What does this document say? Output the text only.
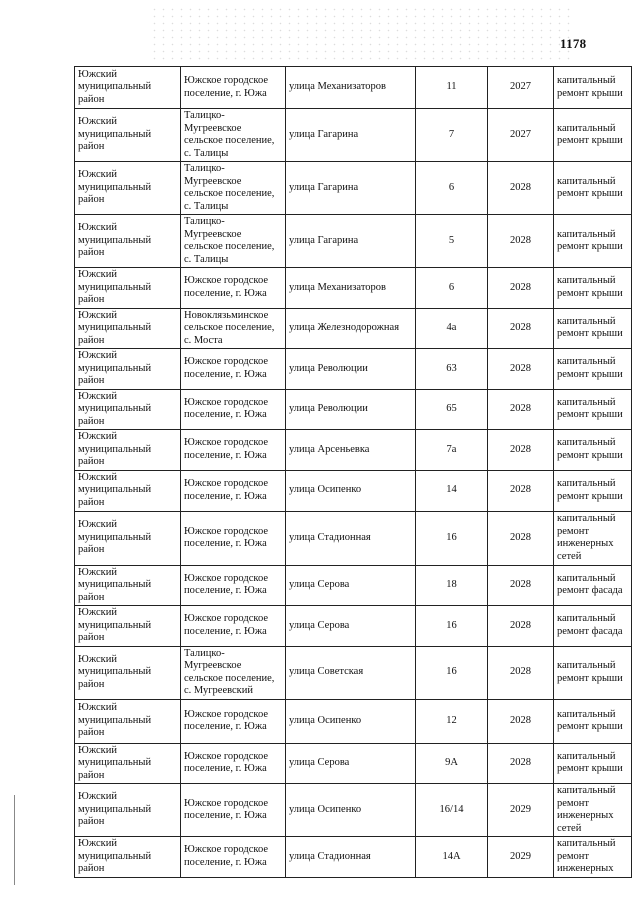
1178
Южский муниципальный район	Южское городское поселение, г. Южа	улица Механизаторов	11	2027	капитальный ремонт крыши
Южский муниципальный район	Талицко-Мугреевское сельское поселение, с. Талицы	улица Гагарина	7	2027	капитальный ремонт крыши
Южский муниципальный район	Талицко-Мугреевское сельское поселение, с. Талицы	улица Гагарина	6	2028	капитальный ремонт крыши
Южский муниципальный район	Талицко-Мугреевское сельское поселение, с. Талицы	улица Гагарина	5	2028	капитальный ремонт крыши
Южский муниципальный район	Южское городское поселение, г. Южа	улица Механизаторов	6	2028	капитальный ремонт крыши
Южский муниципальный район	Новоклязьминское сельское поселение, с. Моста	улица Железнодорожная	4а	2028	капитальный ремонт крыши
Южский муниципальный район	Южское городское поселение, г. Южа	улица Революции	63	2028	капитальный ремонт крыши
Южский муниципальный район	Южское городское поселение, г. Южа	улица Революции	65	2028	капитальный ремонт крыши
Южский муниципальный район	Южское городское поселение, г. Южа	улица Арсеньевка	7а	2028	капитальный ремонт крыши
Южский муниципальный район	Южское городское поселение, г. Южа	улица Осипенко	14	2028	капитальный ремонт крыши
Южский муниципальный район	Южское городское поселение, г. Южа	улица Стадионная	16	2028	капитальный ремонт инженерных сетей
Южский муниципальный район	Южское городское поселение, г. Южа	улица Серова	18	2028	капитальный ремонт фасада
Южский муниципальный район	Южское городское поселение, г. Южа	улица Серова	16	2028	капитальный ремонт фасада
Южский муниципальный район	Талицко-Мугреевское сельское поселение, с. Мугреевский	улица Советская	16	2028	капитальный ремонт крыши
Южский муниципальный район	Южское городское поселение, г. Южа	улица Осипенко	12	2028	капитальный ремонт крыши
Южский муниципальный район	Южское городское поселение, г. Южа	улица Серова	9А	2028	капитальный ремонт крыши
Южский муниципальный район	Южское городское поселение, г. Южа	улица Осипенко	16/14	2029	капитальный ремонт инженерных сетей
Южский муниципальный район	Южское городское поселение, г. Южа	улица Стадионная	14А	2029	капитальный ремонт инженерных
